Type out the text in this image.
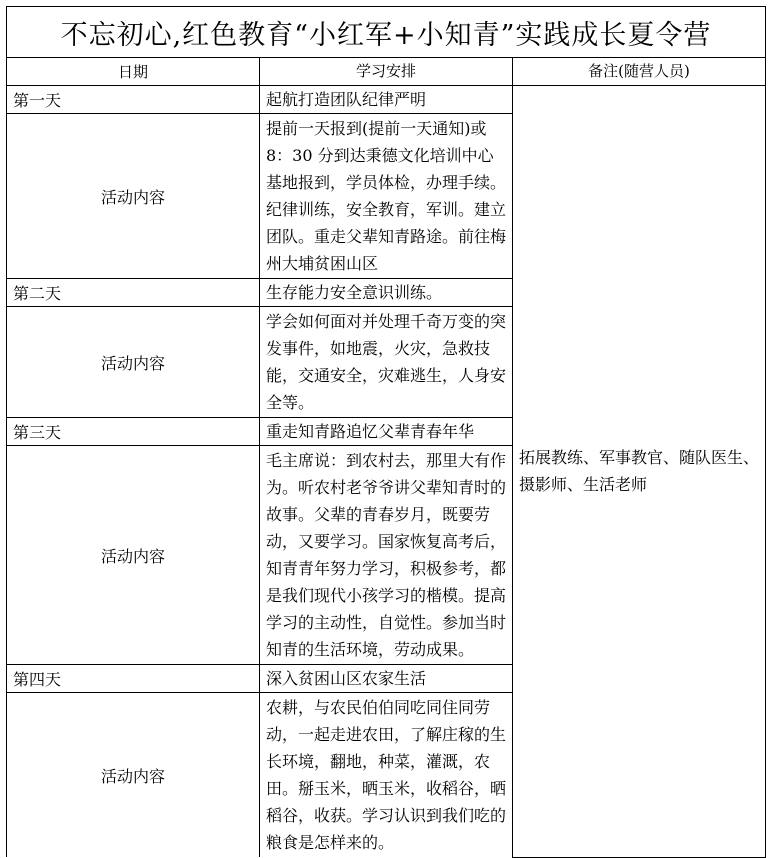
不忘初心,红色教育“小红军+小知青”实践成长夏令营		
日期	学习安排	备注(随营人员)
第一天	起航打造团队纪律严明	拓展教练、军事教官、随队医生、摄影师、生活老师
活动内容	提前一天报到(提前一天通知)或 8：30 分到达秉德文化培训中心基地报到，学员体检，办理手续。纪律训练，安全教育，军训。建立团队。重走父辈知青路途。前往梅州大埔贫困山区	
第二天	生存能力安全意识训练。	
活动内容	学会如何面对并处理千奇万变的突发事件，如地震，火灾，急救技能，交通安全，灾难逃生，人身安全等。	
第三天	重走知青路追忆父辈青春年华	
活动内容	毛主席说：到农村去，那里大有作为。听农村老爷爷讲父辈知青时的故事。父辈的青春岁月，既要劳动，又要学习。国家恢复高考后，知青青年努力学习，积极参考，都是我们现代小孩学习的楷模。提高学习的主动性，自觉性。参加当时知青的生活环境，劳动成果。	
第四天	深入贫困山区农家生活	
活动内容	农耕，与农民伯伯同吃同住同劳动，一起走进农田，了解庄稼的生长环境，翻地，种菜，灌溉，农田。掰玉米，晒玉米，收稻谷，晒稻谷，收获。学习认识到我们吃的粮食是怎样来的。	
